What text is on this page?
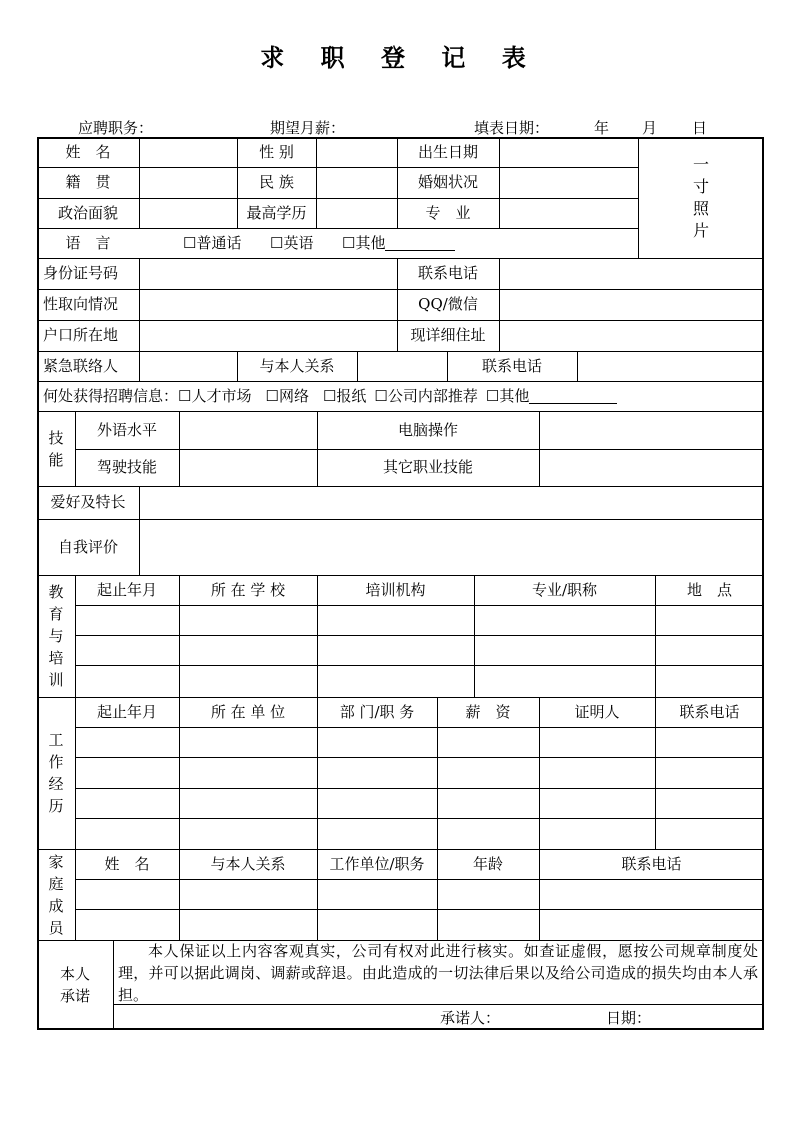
求 职 登 记 表
应聘职务：	期望月薪：	填表日期：	年 月 日
姓　名	性 别	出生日期
籍　贯	民 族	婚姻状况
政治面貌	最高学历	专　业
语　言	☐ 普通话 ☐ 英语 ☐ 其他
一
寸
照
片
身份证号码	联系电话
性取向情况	QQ/微信
户口所在地	现详细住址
紧急联络人	与本人关系	联系电话
何处获得招聘信息： ☐人才市场 ☐网络 ☐报纸 ☐公司内部推荐 ☐其他
技
能
外语水平	电脑操作
驾驶技能	其它职业技能
爱好及特长
自我评价
教
育
与
培
训
起止年月	所 在 学 校	培训机构	专业/职称	地　点
工
作
经
历
起止年月	所 在 单 位	部 门/职 务	薪　资	证明人	联系电话
家
庭
成
员
姓　名	与本人关系	工作单位/职务	年龄	联系电话
本人
承诺
本人保证以上内容客观真实，公司有权对此进行核实。如查证虚假，愿按公司规章制度处理，并可以据此调岗、调薪或辞退。由此造成的一切法律后果以及给公司造成的损失均由本人承担。
承诺人：	日期：
